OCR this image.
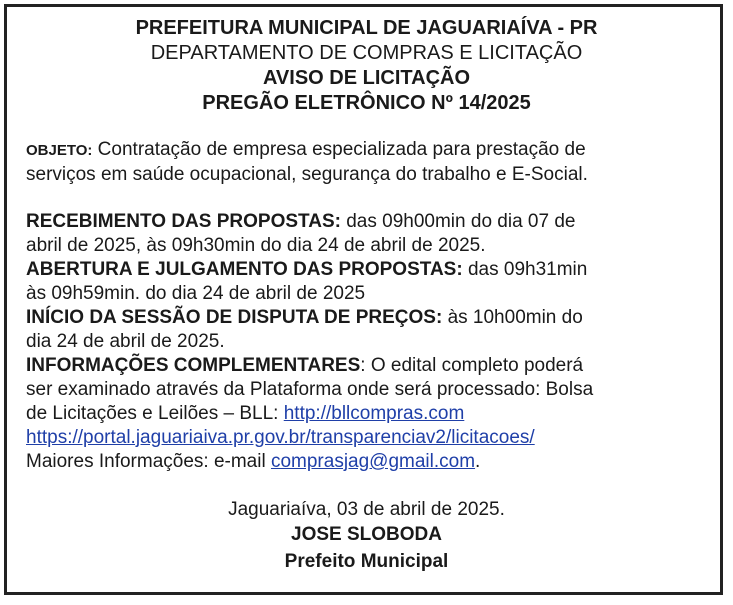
PREFEITURA MUNICIPAL DE JAGUARIAÍVA - PR
DEPARTAMENTO DE COMPRAS E LICITAÇÃO
AVISO DE LICITAÇÃO
PREGÃO ELETRÔNICO Nº 14/2025
OBJETO: Contratação de empresa especializada para prestação de
serviços em saúde ocupacional, segurança do trabalho e E-Social.
RECEBIMENTO DAS PROPOSTAS: das 09h00min do dia 07 de
abril de 2025, às 09h30min do dia 24 de abril de 2025.
ABERTURA E JULGAMENTO DAS PROPOSTAS: das 09h31min
às 09h59min. do dia 24 de abril de 2025
INÍCIO DA SESSÃO DE DISPUTA DE PREÇOS: às 10h00min do
dia 24 de abril de 2025.
INFORMAÇÕES COMPLEMENTARES: O edital completo poderá
ser examinado através da Plataforma onde será processado: Bolsa
de Licitações e Leilões – BLL: http://bllcompras.com
https://portal.jaguariaiva.pr.gov.br/transparenciav2/licitacoes/
Maiores Informações: e-mail comprasjag@gmail.com.
Jaguariaíva, 03 de abril de 2025.
JOSE SLOBODA
Prefeito Municipal
